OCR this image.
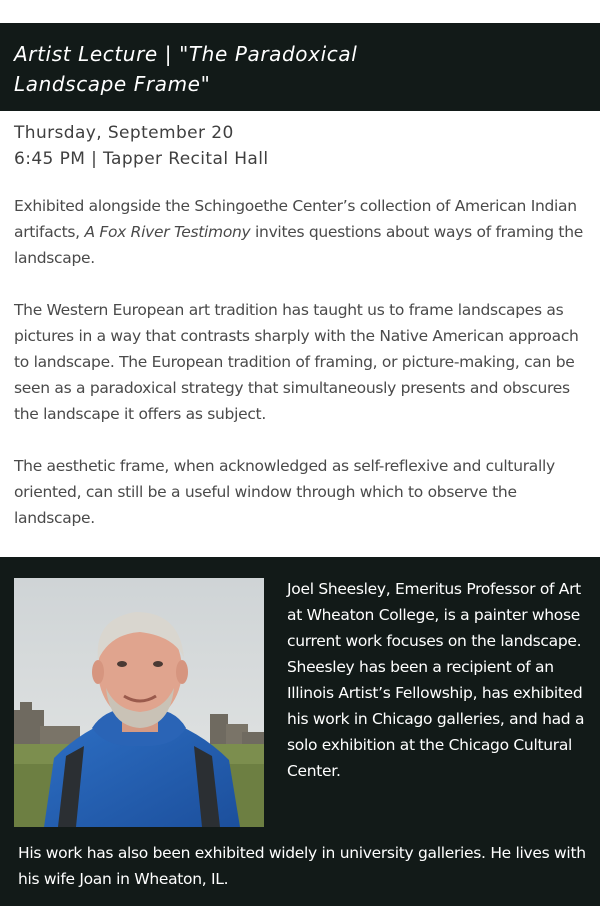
Artist Lecture | "The Paradoxical
Landscape Frame"
Thursday, September 20
6:45 PM | Tapper Recital Hall

Exhibited alongside the Schingoethe Center’s collection of American Indian artifacts, A Fox River Testimony invites questions about ways of framing the landscape.

The Western European art tradition has taught us to frame landscapes as pictures in a way that contrasts sharply with the Native American approach to landscape. The European tradition of framing, or picture-making, can be seen as a paradoxical strategy that simultaneously presents and obscures the landscape it offers as subject.

The aesthetic frame, when acknowledged as self-reflexive and culturally oriented, can still be a useful window through which to observe the landscape.

Joel Sheesley, Emeritus Professor of Art at Wheaton College, is a painter whose current work focuses on the landscape. Sheesley has been a recipient of an Illinois Artist’s Fellowship, has exhibited his work in Chicago galleries, and had a solo exhibition at the Chicago Cultural Center.

His work has also been exhibited widely in university galleries. He lives with his wife Joan in Wheaton, IL.
